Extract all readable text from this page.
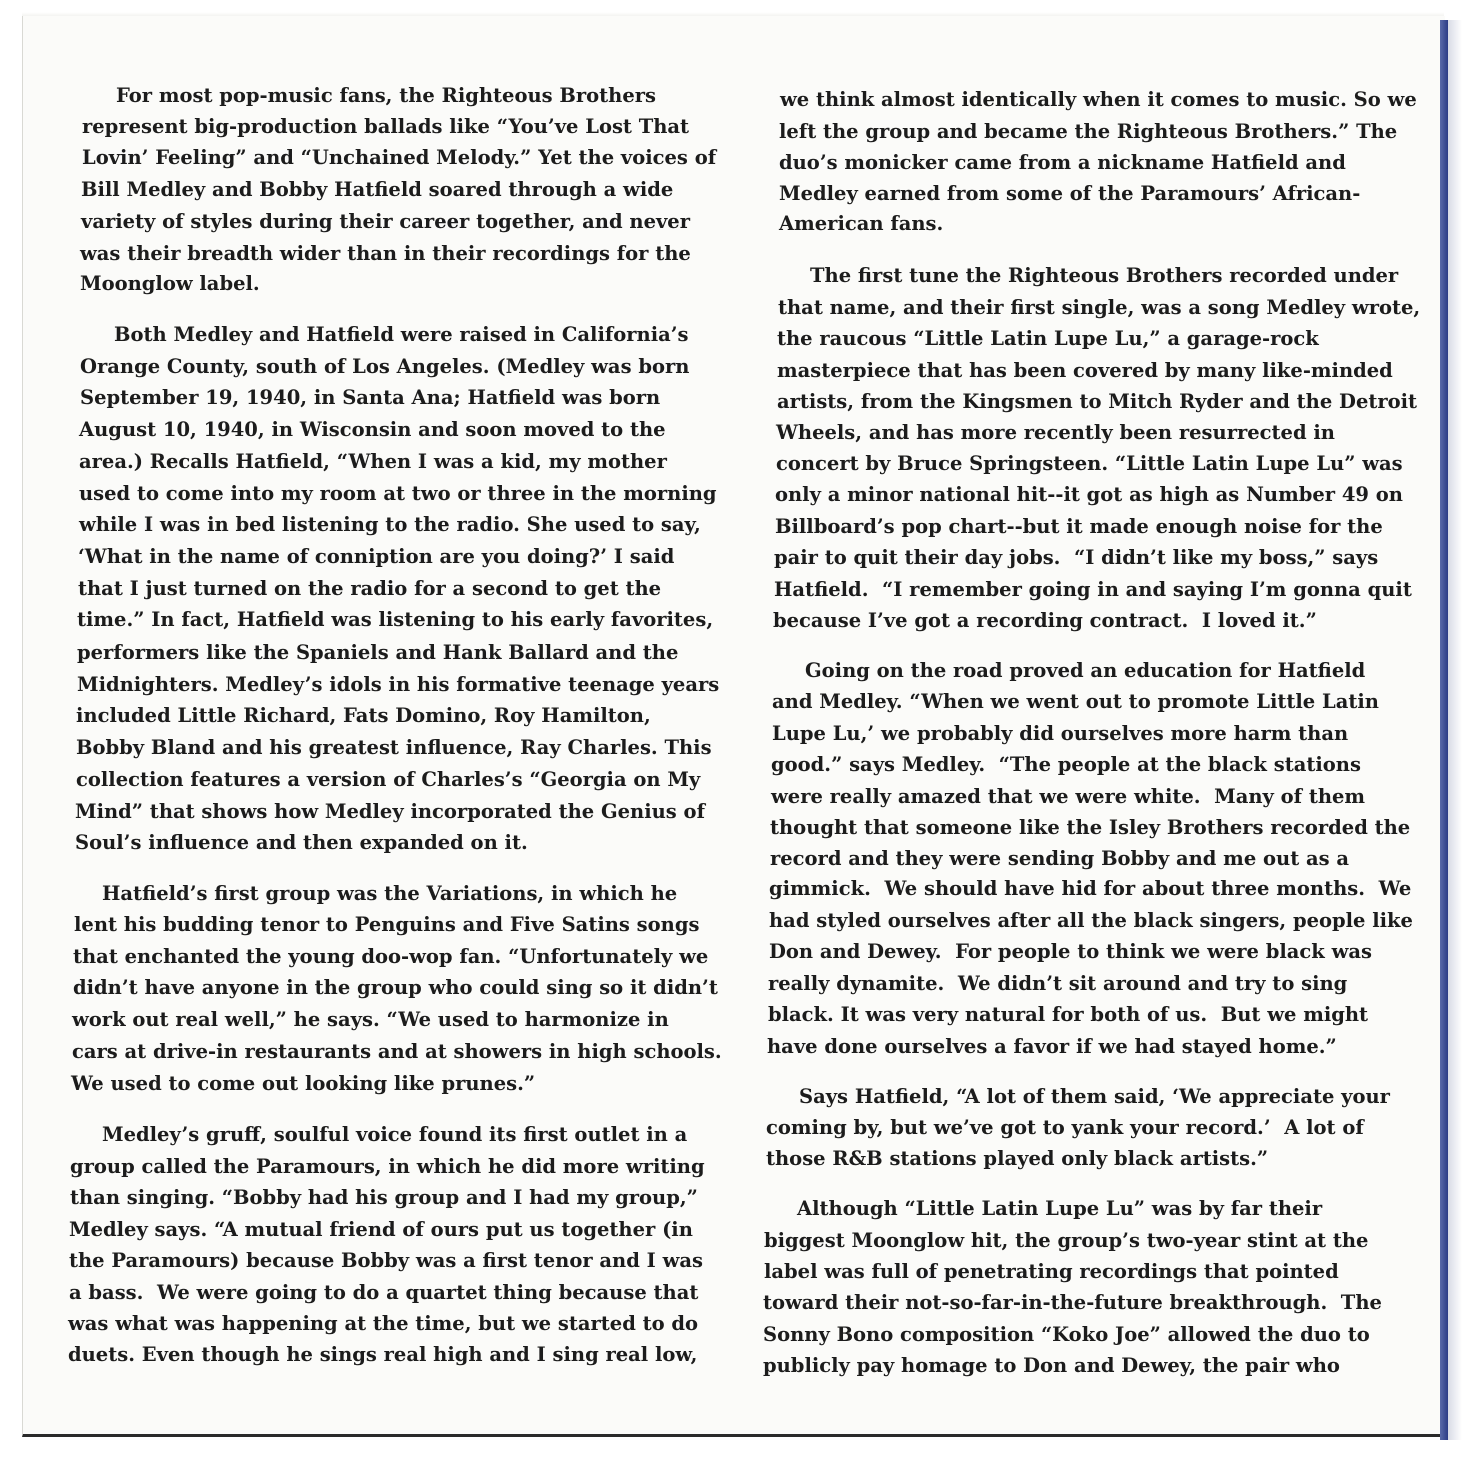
For most pop-music fans, the Righteous Brothers
represent big-production ballads like “You’ve Lost That
Lovin’ Feeling” and “Unchained Melody.” Yet the voices of
Bill Medley and Bobby Hatfield soared through a wide
variety of styles during their career together, and never
was their breadth wider than in their recordings for the
Moonglow label.
Both Medley and Hatfield were raised in California’s
Orange County, south of Los Angeles. (Medley was born
September 19, 1940, in Santa Ana; Hatfield was born
August 10, 1940, in Wisconsin and soon moved to the
area.) Recalls Hatfield, “When I was a kid, my mother
used to come into my room at two or three in the morning
while I was in bed listening to the radio. She used to say,
‘What in the name of conniption are you doing?’ I said
that I just turned on the radio for a second to get the
time.” In fact, Hatfield was listening to his early favorites,
performers like the Spaniels and Hank Ballard and the
Midnighters. Medley’s idols in his formative teenage years
included Little Richard, Fats Domino, Roy Hamilton,
Bobby Bland and his greatest influence, Ray Charles. This
collection features a version of Charles’s “Georgia on My
Mind” that shows how Medley incorporated the Genius of
Soul’s influence and then expanded on it.
Hatfield’s first group was the Variations, in which he
lent his budding tenor to Penguins and Five Satins songs
that enchanted the young doo-wop fan. “Unfortunately we
didn’t have anyone in the group who could sing so it didn’t
work out real well,” he says. “We used to harmonize in
cars at drive-in restaurants and at showers in high schools.
We used to come out looking like prunes.”
Medley’s gruff, soulful voice found its first outlet in a
group called the Paramours, in which he did more writing
than singing. “Bobby had his group and I had my group,”
Medley says. “A mutual friend of ours put us together (in
the Paramours) because Bobby was a first tenor and I was
a bass.  We were going to do a quartet thing because that
was what was happening at the time, but we started to do
duets. Even though he sings real high and I sing real low,
we think almost identically when it comes to music. So we
left the group and became the Righteous Brothers.” The
duo’s monicker came from a nickname Hatfield and
Medley earned from some of the Paramours’ African-
American fans.
The first tune the Righteous Brothers recorded under
that name, and their first single, was a song Medley wrote,
the raucous “Little Latin Lupe Lu,” a garage-rock
masterpiece that has been covered by many like-minded
artists, from the Kingsmen to Mitch Ryder and the Detroit
Wheels, and has more recently been resurrected in
concert by Bruce Springsteen. “Little Latin Lupe Lu” was
only a minor national hit--it got as high as Number 49 on
Billboard’s pop chart--but it made enough noise for the
pair to quit their day jobs.  “I didn’t like my boss,” says
Hatfield.  “I remember going in and saying I’m gonna quit
because I’ve got a recording contract.  I loved it.”
Going on the road proved an education for Hatfield
and Medley. “When we went out to promote Little Latin
Lupe Lu,’ we probably did ourselves more harm than
good.” says Medley.  “The people at the black stations
were really amazed that we were white.  Many of them
thought that someone like the Isley Brothers recorded the
record and they were sending Bobby and me out as a
gimmick.  We should have hid for about three months.  We
had styled ourselves after all the black singers, people like
Don and Dewey.  For people to think we were black was
really dynamite.  We didn’t sit around and try to sing
black. It was very natural for both of us.  But we might
have done ourselves a favor if we had stayed home.”
Says Hatfield, “A lot of them said, ‘We appreciate your
coming by, but we’ve got to yank your record.’  A lot of
those R&B stations played only black artists.”
Although “Little Latin Lupe Lu” was by far their
biggest Moonglow hit, the group’s two-year stint at the
label was full of penetrating recordings that pointed
toward their not-so-far-in-the-future breakthrough.  The
Sonny Bono composition “Koko Joe” allowed the duo to
publicly pay homage to Don and Dewey, the pair who
